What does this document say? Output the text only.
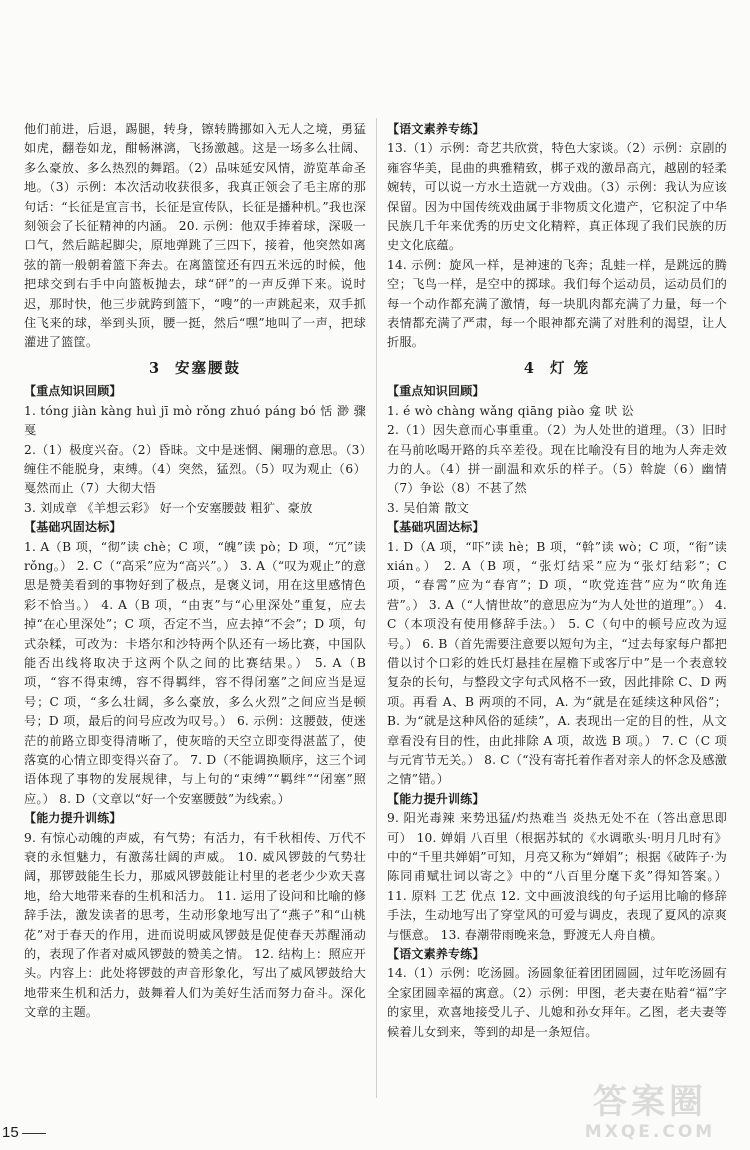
他们前进，后退，踢腿，转身，镲转腾挪如入无人之境，勇猛如虎，翻卷如龙，酣畅淋漓，飞扬激越。这是一场多么壮阔、多么豪放、多么热烈的舞蹈。（2）品味延安风情，游览革命圣地。（3）示例：本次活动收获很多，我真正领会了毛主席的那句话：“长征是宣言书，长征是宣传队，长征是播种机。”我也深刻领会了长征精神的内涵。 20. 示例：他双手捧着球，深吸一口气，然后踮起脚尖，原地弹跳了三四下，接着，他突然如离弦的箭一般朝着篮下奔去。在离篮筐还有四五米远的时候，他把球交到右手中向篮板抛去，球“砰”的一声反弹下来。说时迟，那时快，他三步就跨到篮下，“嗖”的一声跳起来，双手抓住飞来的球，举到头顶，腰一挺，然后“嘿”地叫了一声，把球灌进了篮筐。

3 安塞腰鼓

【重点知识回顾】

1. tóng jiàn kàng huì jī mò rǒng zhuó páng bó 恬 渺 骤 戛

2.（1）极度兴奋。（2）昏昧。文中是迷惘、阑珊的意思。（3）缠住不能脱身，束缚。（4）突然，猛烈。（5）叹为观止（6）戛然而止（7）大彻大悟

3. 刘成章 《羊想云彩》 好一个安塞腰鼓 粗犷、豪放

【基础巩固达标】

1. A（B 项，“彻”读 chè；C 项，“魄”读 pò；D 项，“冗”读 rǒng。） 2. C（“高采”应为“高兴”。） 3. A（“叹为观止”的意思是赞美看到的事物好到了极点，是褒义词，用在这里感情色彩不恰当。） 4. A（B 项，“由衷”与“心里深处”重复，应去掉“在心里深处”；C 项，否定不当，应去掉“不会”；D 项，句式杂糅，可改为：卡塔尔和沙特两个队还有一场比赛，中国队能否出线将取决于这两个队之间的比赛结果。） 5. A（B 项，“容不得束缚，容不得羁绊，容不得闭塞”之间应当是逗号；C 项，“多么壮阔，多么豪放，多么火烈”之间应当是顿号；D 项，最后的问号应改为叹号。） 6. 示例：这腰鼓，使迷茫的前路立即变得清晰了，使灰暗的天空立即变得湛蓝了，使落寞的心情立即变得兴奋了。 7. D（不能调换顺序，这三个词语体现了事物的发展规律，与上句的“束缚”“羁绊”“闭塞”照应。） 8. D（文章以“好一个安塞腰鼓”为线索。）

【能力提升训练】

9. 有惊心动魄的声威，有气势；有活力，有千秋相传、万代不衰的永恒魅力，有激荡壮阔的声威。 10. 威风锣鼓的气势壮阔，那锣鼓能生长力，那威风锣鼓能让村里的老老少少欢天喜地，给大地带来春的生机和活力。 11. 运用了设问和比喻的修辞手法，激发读者的思考，生动形象地写出了“燕子”和“山桃花”对于春天的作用，进而说明威风锣鼓是促使春天苏醒涌动的，表现了作者对威风锣鼓的赞美之情。 12. 结构上：照应开头。内容上：此处将锣鼓的声音形象化，写出了威风锣鼓给大地带来生机和活力，鼓舞着人们为美好生活而努力奋斗。深化文章的主题。

【语文素养专练】

13.（1）示例：奇艺共欣赏，特色大家谈。（2）示例：京剧的雍容华美，昆曲的典雅精致，梆子戏的激昂高亢，越剧的轻柔婉转，可以说一方水土造就一方戏曲。（3）示例：我认为应该保留。因为中国传统戏曲属于非物质文化遗产，它积淀了中华民族几千年来优秀的历史文化精粹，真正体现了我们民族的历史文化底蕴。

14. 示例：旋风一样，是神速的飞奔；乱蛙一样，是跳远的腾空；飞鸟一样，是空中的掷球。我们每个运动员，运动员们的每一个动作都充满了激情，每一块肌肉都充满了力量，每一个表情都充满了严肃，每一个眼神都充满了对胜利的渴望，让人折服。

4 灯 笼

【重点知识回顾】

1. é wò chàng wǎng qiāng piào 龛 吠 讼

2.（1）因失意而心事重重。（2）为人处世的道理。（3）旧时在马前吆喝开路的兵卒差役。现在比喻没有目的地为人奔走效力的人。（4）拼一副温和欢乐的样子。（5）斡旋（6）幽情（7）争讼（8）不甚了然

3. 吴伯箫 散文

【基础巩固达标】

1. D（A 项，“吓”读 hè；B 项，“斡”读 wò；C 项，“衔”读 xián。） 2. A（B 项，“张灯结采”应为“张灯结彩”；C 项，“春霄”应为“春宵”；D 项，“吹党连营”应为“吹角连营”。） 3. A（“人情世故”的意思应为“为人处世的道理”。） 4. C（本项没有使用修辞手法。） 5. C（句中的顿号应改为逗号。） 6. B（首先需要注意要以短句为主，“过去每家每户都把借以讨个口彩的姓氏灯悬挂在屋檐下或客厅中”是一个表意较复杂的长句，与整段文字句式风格不一致，因此排除 C、D 两项。再看 A、B 两项的不同，A. 为“就是在延续这种风俗”；B. 为“就是这种风俗的延续”，A. 表现出一定的目的性，从文章看没有目的性，由此排除 A 项，故选 B 项。） 7. C（C 项与元宵节无关。） 8. C（“没有寄托着作者对亲人的怀念及感激之情”错。）

【能力提升训练】

9. 阳光毒辣 来势迅猛/灼热难当 炎热无处不在（答出意思即可） 10. 婵娟 八百里（根据苏轼的《水调歌头·明月几时有》中的“千里共婵娟”可知，月亮又称为“婵娟”；根据《破阵子·为陈同甫赋壮词以寄之》中的“八百里分麾下炙”得知答案。） 11. 原料 工艺 优点 12. 文中画波浪线的句子运用比喻的修辞手法，生动地写出了穿堂风的可爱与调皮，表现了夏风的凉爽与惬意。 13. 春潮带雨晚来急，野渡无人舟自横。

【语文素养专练】

14.（1）示例：吃汤圆。汤圆象征着团团圆圆，过年吃汤圆有全家团圆幸福的寓意。（2）示例：甲图，老夫妻在贴着“福”字的家里，欢喜地接受儿子、儿媳和孙女拜年。乙图，老夫妻等候着儿女到来，等到的却是一条短信。

15
答案圈
MXQE.COM
